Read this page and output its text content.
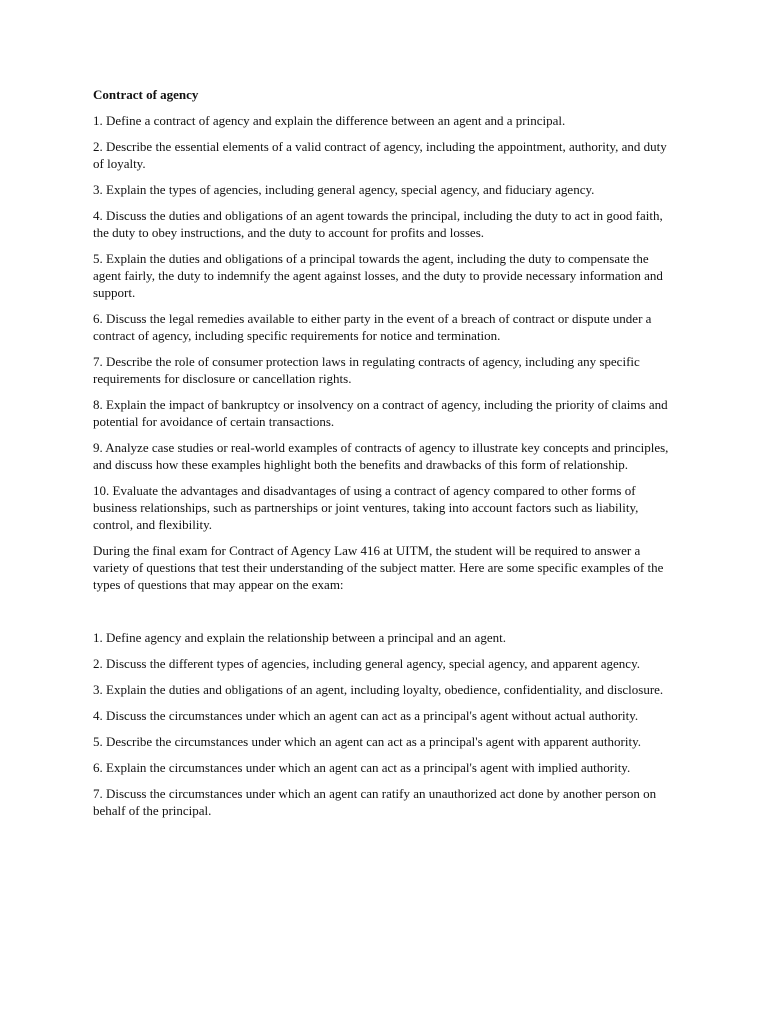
Contract of agency

1. Define a contract of agency and explain the difference between an agent and a principal.

2. Describe the essential elements of a valid contract of agency, including the appointment, authority, and duty of loyalty.

3. Explain the types of agencies, including general agency, special agency, and fiduciary agency.

4. Discuss the duties and obligations of an agent towards the principal, including the duty to act in good faith, the duty to obey instructions, and the duty to account for profits and losses.

5. Explain the duties and obligations of a principal towards the agent, including the duty to compensate the agent fairly, the duty to indemnify the agent against losses, and the duty to provide necessary information and support.

6. Discuss the legal remedies available to either party in the event of a breach of contract or dispute under a contract of agency, including specific requirements for notice and termination.

7. Describe the role of consumer protection laws in regulating contracts of agency, including any specific requirements for disclosure or cancellation rights.

8. Explain the impact of bankruptcy or insolvency on a contract of agency, including the priority of claims and potential for avoidance of certain transactions.

9. Analyze case studies or real-world examples of contracts of agency to illustrate key concepts and principles, and discuss how these examples highlight both the benefits and drawbacks of this form of relationship.

10. Evaluate the advantages and disadvantages of using a contract of agency compared to other forms of business relationships, such as partnerships or joint ventures, taking into account factors such as liability, control, and flexibility.

During the final exam for Contract of Agency Law 416 at UITM, the student will be required to answer a variety of questions that test their understanding of the subject matter. Here are some specific examples of the types of questions that may appear on the exam:

1. Define agency and explain the relationship between a principal and an agent.

2. Discuss the different types of agencies, including general agency, special agency, and apparent agency.

3. Explain the duties and obligations of an agent, including loyalty, obedience, confidentiality, and disclosure.

4. Discuss the circumstances under which an agent can act as a principal's agent without actual authority.

5. Describe the circumstances under which an agent can act as a principal's agent with apparent authority.

6. Explain the circumstances under which an agent can act as a principal's agent with implied authority.

7. Discuss the circumstances under which an agent can ratify an unauthorized act done by another person on behalf of the principal.
